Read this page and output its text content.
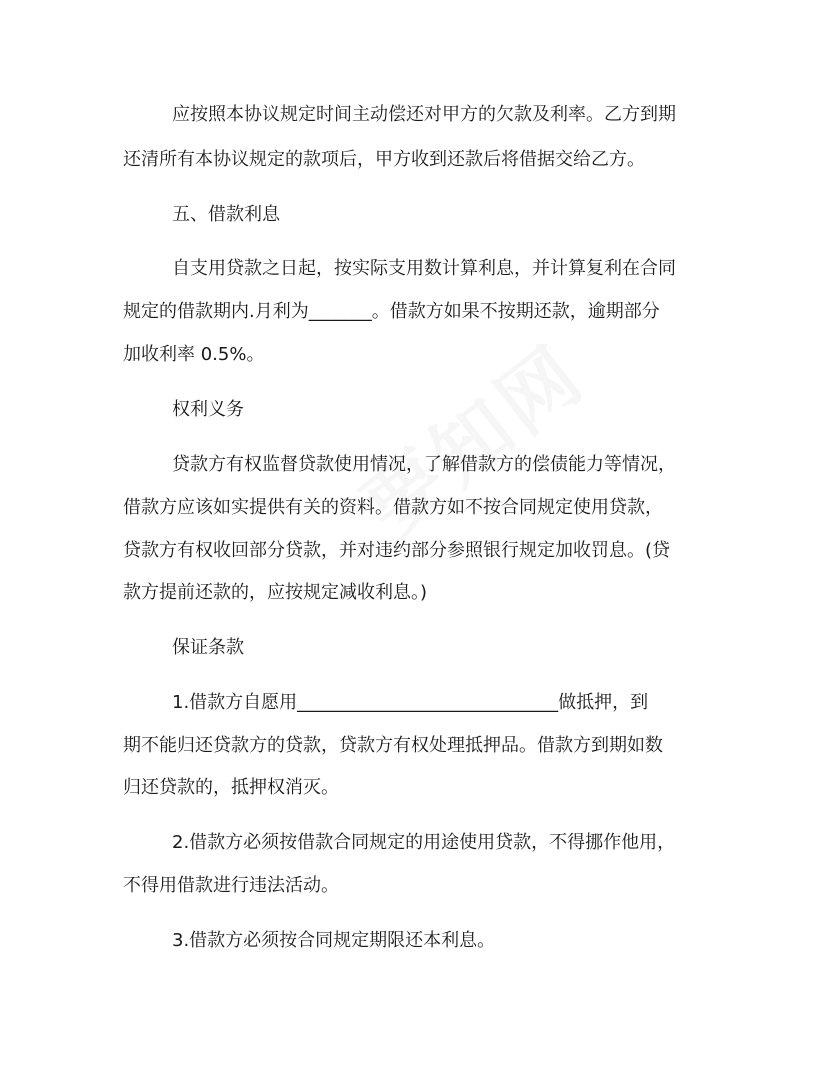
应按照本协议规定时间主动偿还对甲方的欠款及利率。乙方到期
还清所有本协议规定的款项后，甲方收到还款后将借据交给乙方。
五、借款利息
自支用贷款之日起，按实际支用数计算利息，并计算复利在合同
规定的借款期内.月利为_______。借款方如果不按期还款，逾期部分
加收利率 0.5%。
权利义务
贷款方有权监督贷款使用情况，了解借款方的偿债能力等情况，
借款方应该如实提供有关的资料。借款方如不按合同规定使用贷款，
贷款方有权收回部分贷款，并对违约部分参照银行规定加收罚息。(贷
款方提前还款的，应按规定减收利息。)
保证条款
1.借款方自愿用_____________________________做抵押，到
期不能归还贷款方的贷款，贷款方有权处理抵押品。借款方到期如数
归还贷款的，抵押权消灭。
2.借款方必须按借款合同规定的用途使用贷款，不得挪作他用，
不得用借款进行违法活动。
3.借款方必须按合同规定期限还本利息。
